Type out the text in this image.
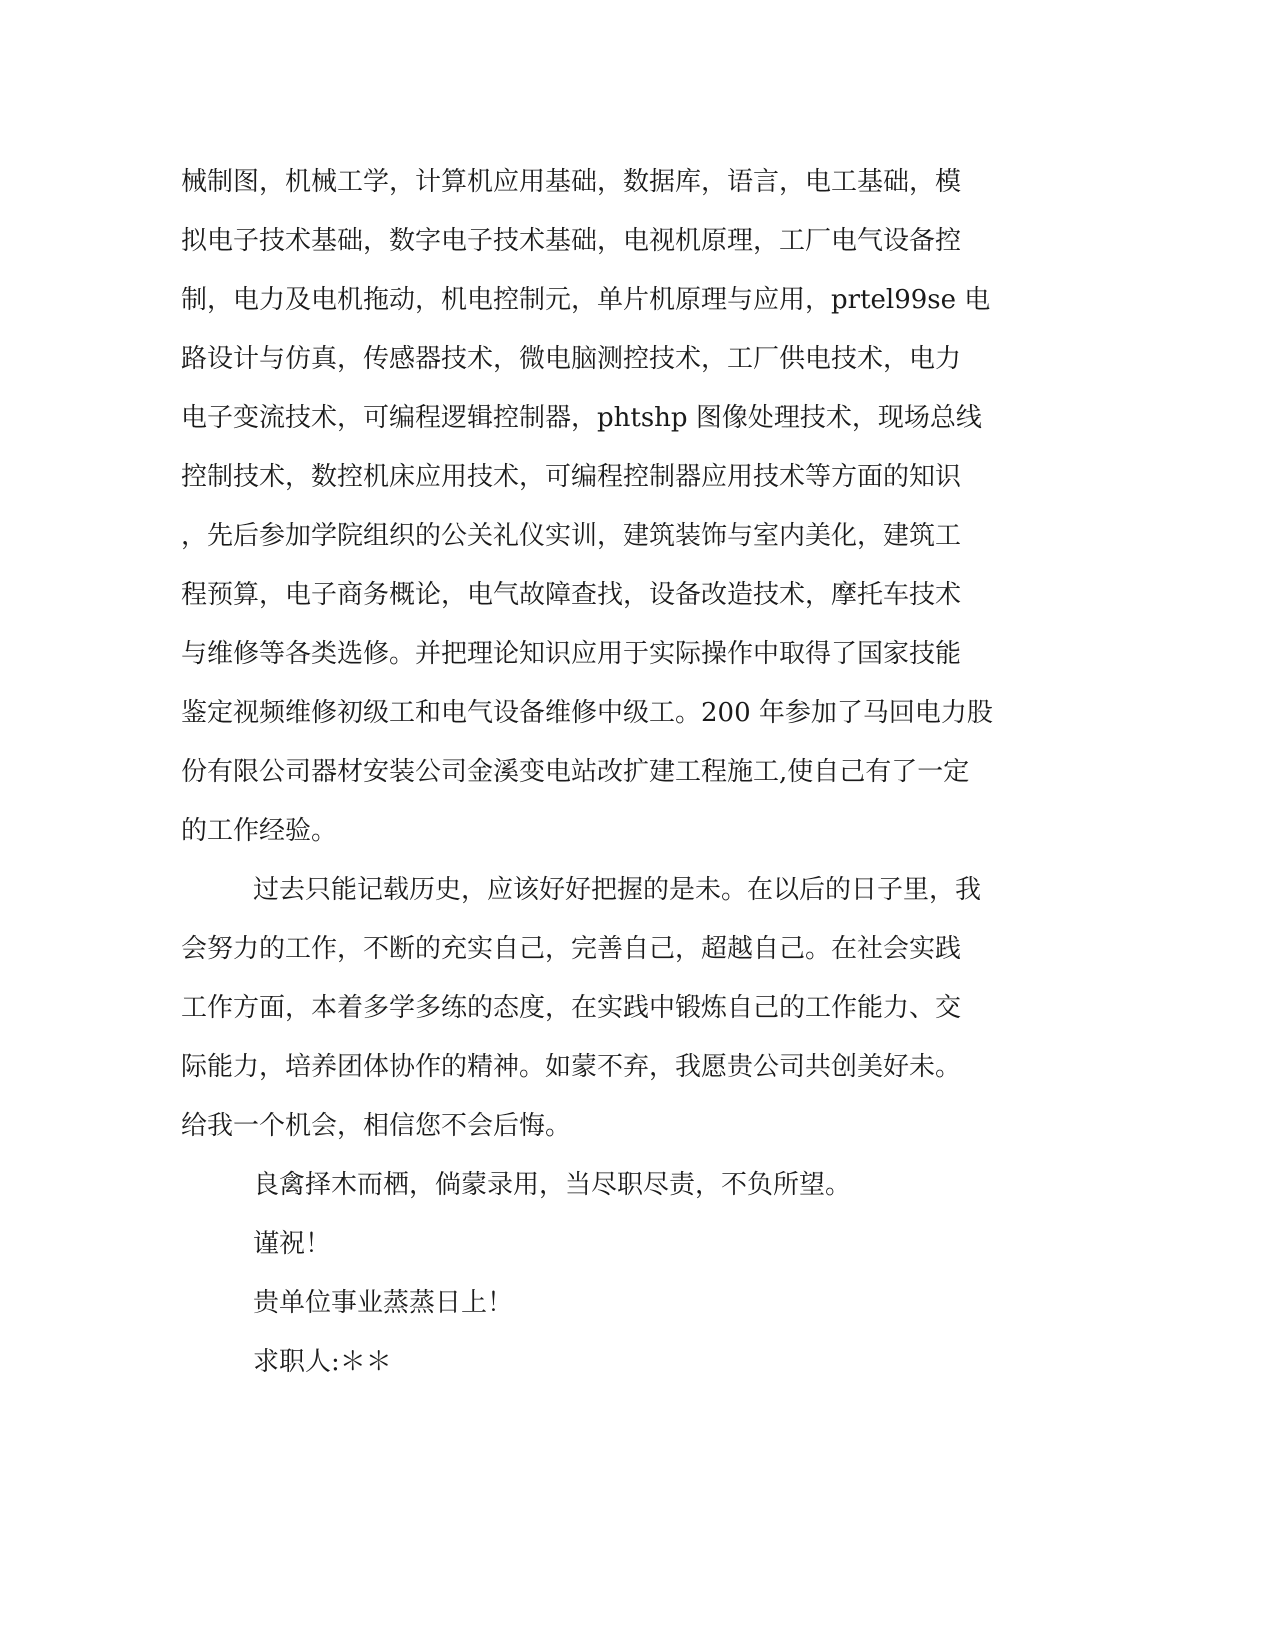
械制图，机械工学，计算机应用基础，数据库，语言，电工基础，模
拟电子技术基础，数字电子技术基础，电视机原理，工厂电气设备控
制，电力及电机拖动，机电控制元，单片机原理与应用，prtel99se 电
路设计与仿真，传感器技术，微电脑测控技术，工厂供电技术，电力
电子变流技术，可编程逻辑控制器，phtshp 图像处理技术，现场总线
控制技术，数控机床应用技术，可编程控制器应用技术等方面的知识
，先后参加学院组织的公关礼仪实训，建筑装饰与室内美化，建筑工
程预算，电子商务概论，电气故障查找，设备改造技术，摩托车技术
与维修等各类选修。并把理论知识应用于实际操作中取得了国家技能
鉴定视频维修初级工和电气设备维修中级工。200 年参加了马回电力股
份有限公司器材安装公司金溪变电站改扩建工程施工,使自己有了一定
的工作经验。
过去只能记载历史，应该好好把握的是未。在以后的日子里，我
会努力的工作，不断的充实自己，完善自己，超越自己。在社会实践
工作方面，本着多学多练的态度，在实践中锻炼自己的工作能力、交
际能力，培养团体协作的精神。如蒙不弃，我愿贵公司共创美好未。
给我一个机会，相信您不会后悔。
良禽择木而栖，倘蒙录用，当尽职尽责，不负所望。
谨祝！
贵单位事业蒸蒸日上！
求职人:＊＊
